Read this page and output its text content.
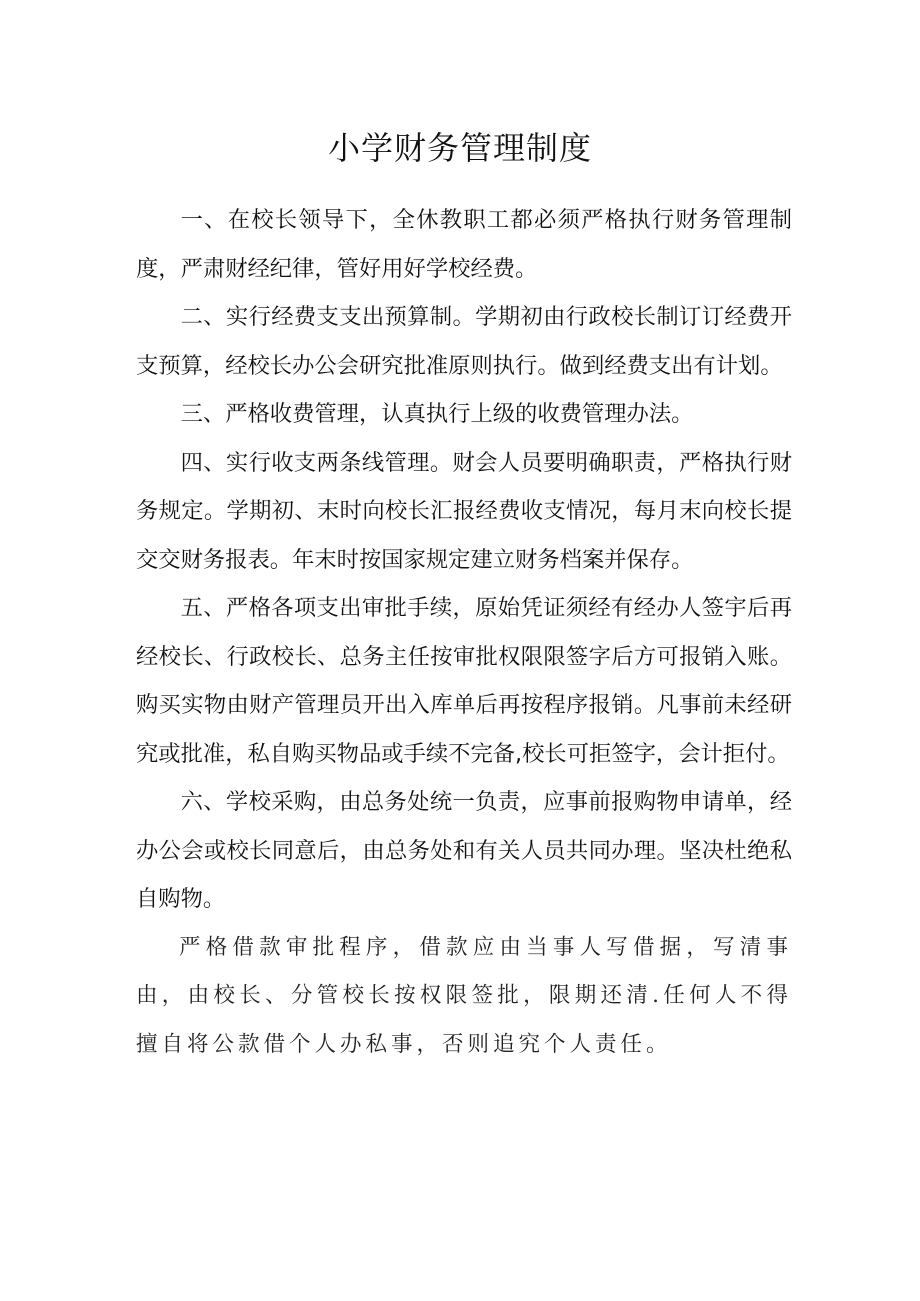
小学财务管理制度

一、在校长领导下，全休教职工都必须严格执行财务管理制度，严肃财经纪律，管好用好学校经费。

二、实行经费支支出预算制。学期初由行政校长制订订经费开支预算，经校长办公会研究批准原则执行。做到经费支出有计划。

三、严格收费管理，认真执行上级的收费管理办法。

四、实行收支两条线管理。财会人员要明确职责，严格执行财务规定。学期初、末时向校长汇报经费收支情况，每月末向校长提交交财务报表。年末时按国家规定建立财务档案并保存。

五、严格各项支出审批手续，原始凭证须经有经办人签宇后再经校长、行政校长、总务主任按审批权限限签字后方可报销入账。购买实物由财产管理员开出入库单后再按程序报销。凡事前未经研究或批准，私自购买物品或手续不完备,校长可拒签字，会计拒付。

六、学校采购，由总务处统一负责，应事前报购物申请单，经办公会或校长同意后，由总务处和有关人员共同办理。坚决杜绝私自购物。

严格借款审批程序，借款应由当事人写借据，写清事由，由校长、分管校长按权限签批，限期还清.任何人不得擅自将公款借个人办私事，否则追究个人责任。
